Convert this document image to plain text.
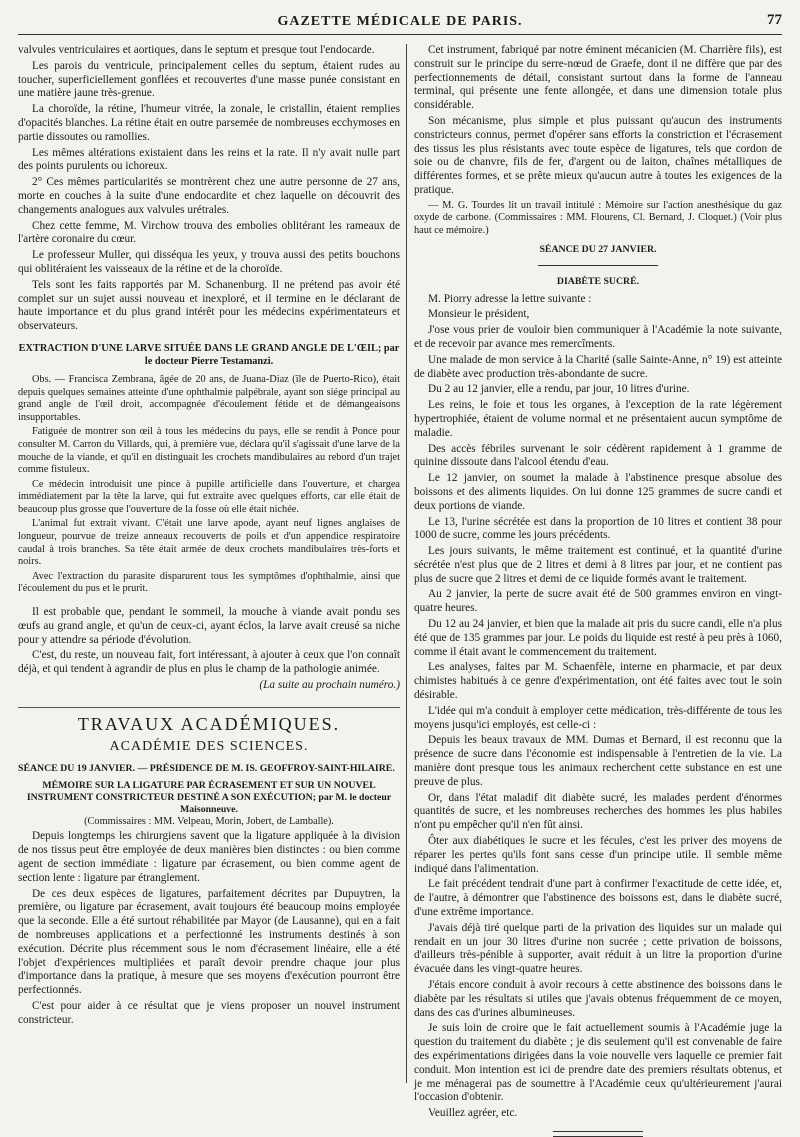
GAZETTE MÉDICALE DE PARIS.	77

valvules ventriculaires et aortiques, dans le septum et presque tout l'endocarde.

Les parois du ventricule, principalement celles du septum, étaient rudes au toucher, superficiellement gonflées et recouvertes d'une masse punée consistant en une matière jaune très-grenue.

La choroïde, la rétine, l'humeur vitrée, la zonale, le cristallin, étaient remplies d'opacités blanches. La rétine était en outre parsemée de nombreuses ecchymoses en partie dissoutes ou ramollies.

Les mêmes altérations existaient dans les reins et la rate. Il n'y avait nulle part des points purulents ou ichoreux.

2° Ces mêmes particularités se montrèrent chez une autre personne de 27 ans, morte en couches à la suite d'une endocardite et chez laquelle on découvrit des changements analogues aux valvules urétrales.

Chez cette femme, M. Virchow trouva des embolies oblitérant les rameaux de l'artère coronaire du cœur.

Le professeur Muller, qui disséqua les yeux, y trouva aussi des petits bouchons qui oblitéraient les vaisseaux de la rétine et de la choroïde.

Tels sont les faits rapportés par M. Schanenburg. Il ne prétend pas avoir été complet sur un sujet aussi nouveau et inexploré, et il termine en le déclarant de haute importance et du plus grand intérêt pour les médecins expérimentateurs et observateurs.

EXTRACTION D'UNE LARVE SITUÉE DANS LE GRAND ANGLE DE L'ŒIL; par le docteur Pierre Testamanzi.

Obs. — Francisca Zembrana, âgée de 20 ans, de Juana-Diaz (île de Puerto-Rico), était depuis quelques semaines atteinte d'une ophthalmie palpébrale, ayant son siége principal au grand angle de l'œil droit, accompagnée d'écoulement fétide et de démangeaisons insupportables.

Fatiguée de montrer son œil à tous les médecins du pays, elle se rendit à Ponce pour consulter M. Carron du Villards, qui, à première vue, déclara qu'il s'agissait d'une larve de la mouche de la viande, et qu'il en distinguait les crochets mandibulaires au rebord d'un trajet comme fistuleux.

Ce médecin introduisit une pince à pupille artificielle dans l'ouverture, et chargea immédiatement par la tête la larve, qui fut extraite avec quelques efforts, car elle était de beaucoup plus grosse que l'ouverture de la fosse où elle était nichée.

L'animal fut extrait vivant. C'était une larve apode, ayant neuf lignes anglaises de longueur, pourvue de treize anneaux recouverts de poils et d'un appendice respiratoire caudal à trois branches. Sa tête était armée de deux crochets mandibulaires très-forts et noirs.

Avec l'extraction du parasite disparurent tous les symptômes d'ophthalmie, ainsi que l'écoulement du pus et le prurit.

Il est probable que, pendant le sommeil, la mouche à viande avait pondu ses œufs au grand angle, et qu'un de ceux-ci, ayant éclos, la larve avait creusé sa niche pour y attendre sa période d'évolution.

C'est, du reste, un nouveau fait, fort intéressant, à ajouter à ceux que l'on connaît déjà, et qui tendent à agrandir de plus en plus le champ de la pathologie animée.

(La suite au prochain numéro.)

TRAVAUX ACADÉMIQUES.
ACADÉMIE DES SCIENCES.
SÉANCE DU 19 JANVIER. — PRÉSIDENCE DE M. IS. GEOFFROY-SAINT-HILAIRE.
MÉMOIRE SUR LA LIGATURE PAR ÉCRASEMENT ET SUR UN NOUVEL INSTRUMENT CONSTRICTEUR DESTINÉ A SON EXÉCUTION; par M. le docteur Maisonneuve.

(Commissaires : MM. Velpeau, Morin, Jobert, de Lamballe).

Depuis longtemps les chirurgiens savent que la ligature appliquée à la division de nos tissus peut être employée de deux manières bien distinctes : ou bien comme agent de section immédiate : ligature par écrasement, ou bien comme agent de section lente : ligature par étranglement.

De ces deux espèces de ligatures, parfaitement décrites par Dupuytren, la première, ou ligature par écrasement, avait toujours été beaucoup moins employée que la seconde. Elle a été surtout réhabilitée par Mayor (de Lausanne), qui en a fait de nombreuses applications et a perfectionné les instruments destinés à son exécution. Décrite plus récemment sous le nom d'écrasement linéaire, elle a été l'objet d'expériences multipliées et paraît devoir prendre chaque jour plus d'importance dans la pratique, à mesure que ses moyens d'exécution pourront être perfectionnés.

C'est pour aider à ce résultat que je viens proposer un nouvel instrument constricteur.

Cet instrument, fabriqué par notre éminent mécanicien (M. Charrière fils), est construit sur le principe du serre-nœud de Graefe, dont il ne diffère que par des perfectionnements de détail, consistant surtout dans la forme de l'anneau terminal, qui présente une fente allongée, et dans une dimension totale plus considérable.

Son mécanisme, plus simple et plus puissant qu'aucun des instruments constricteurs connus, permet d'opérer sans efforts la constriction et l'écrasement des tissus les plus résistants avec toute espèce de ligatures, tels que cordon de soie ou de chanvre, fils de fer, d'argent ou de laiton, chaînes métalliques de différentes formes, et se prête mieux qu'aucun autre à toutes les exigences de la pratique.

— M. G. Tourdes lit un travail intitulé : Mémoire sur l'action anesthésique du gaz oxyde de carbone. (Commissaires : MM. Flourens, Cl. Bernard, J. Cloquet.) (Voir plus haut ce mémoire.)

SÉANCE DU 27 JANVIER.
DIABÈTE SUCRÉ.

M. Piorry adresse la lettre suivante :

Monsieur le président,

J'ose vous prier de vouloir bien communiquer à l'Académie la note suivante, et de recevoir par avance mes remercîments.

Une malade de mon service à la Charité (salle Sainte-Anne, n° 19) est atteinte de diabète avec production très-abondante de sucre.

Du 2 au 12 janvier, elle a rendu, par jour, 10 litres d'urine.

Les reins, le foie et tous les organes, à l'exception de la rate légèrement hypertrophiée, étaient de volume normal et ne présentaient aucun symptôme de maladie.

Des accès fébriles survenant le soir cédèrent rapidement à 1 gramme de quinine dissoute dans l'alcool étendu d'eau.

Le 12 janvier, on soumet la malade à l'abstinence presque absolue des boissons et des aliments liquides. On lui donne 125 grammes de sucre candi et deux portions de viande.

Le 13, l'urine sécrétée est dans la proportion de 10 litres et contient 38 pour 1000 de sucre, comme les jours précédents.

Les jours suivants, le même traitement est continué, et la quantité d'urine sécrétée n'est plus que de 2 litres et demi à 8 litres par jour, et ne contient pas plus de sucre que 2 litres et demi de ce liquide formés avant le traitement.

Au 2 janvier, la perte de sucre avait été de 500 grammes environ en vingt-quatre heures.

Du 12 au 24 janvier, et bien que la malade ait pris du sucre candi, elle n'a plus été que de 135 grammes par jour. Le poids du liquide est resté à peu près à 1060, comme il était avant le commencement du traitement.

Les analyses, faites par M. Schaenfèle, interne en pharmacie, et par deux chimistes habitués à ce genre d'expérimentation, ont été faites avec tout le soin désirable.

L'idée qui m'a conduit à employer cette médication, très-différente de tous les moyens jusqu'ici employés, est celle-ci :

Depuis les beaux travaux de MM. Dumas et Bernard, il est reconnu que la présence de sucre dans l'économie est indispensable à l'entretien de la vie. La manière dont presque tous les animaux recherchent cette substance en est une preuve de plus.

Or, dans l'état maladif dit diabète sucré, les malades perdent d'énormes quantités de sucre, et les nombreuses recherches des hommes les plus habiles n'ont pu empêcher qu'il n'en fût ainsi.

Ôter aux diabétiques le sucre et les fécules, c'est les priver des moyens de réparer les pertes qu'ils font sans cesse d'un principe utile. Il semble même indiqué dans l'alimentation.

Le fait précédent tendrait d'une part à confirmer l'exactitude de cette idée, et, de l'autre, à démontrer que l'abstinence des boissons est, dans le diabète sucré, d'une extrême importance.

J'avais déjà tiré quelque parti de la privation des liquides sur un malade qui rendait en un jour 30 litres d'urine non sucrée ; cette privation de boissons, d'ailleurs très-pénible à supporter, avait réduit à un litre la proportion d'urine évacuée dans les vingt-quatre heures.

J'étais encore conduit à avoir recours à cette abstinence des boissons dans le diabète par les résultats si utiles que j'avais obtenus fréquemment de ce moyen, dans des cas d'urines albumineuses.

Je suis loin de croire que le fait actuellement soumis à l'Académie juge la question du traitement du diabète ; je dis seulement qu'il est convenable de faire des expérimentations dirigées dans la voie nouvelle vers laquelle ce premier fait conduit. Mon intention est ici de prendre date des premiers résultats obtenus, et je me ménagerai pas de soumettre à l'Académie ceux qu'ultérieurement j'aurai l'occasion d'obtenir.

Veuillez agréer, etc.
